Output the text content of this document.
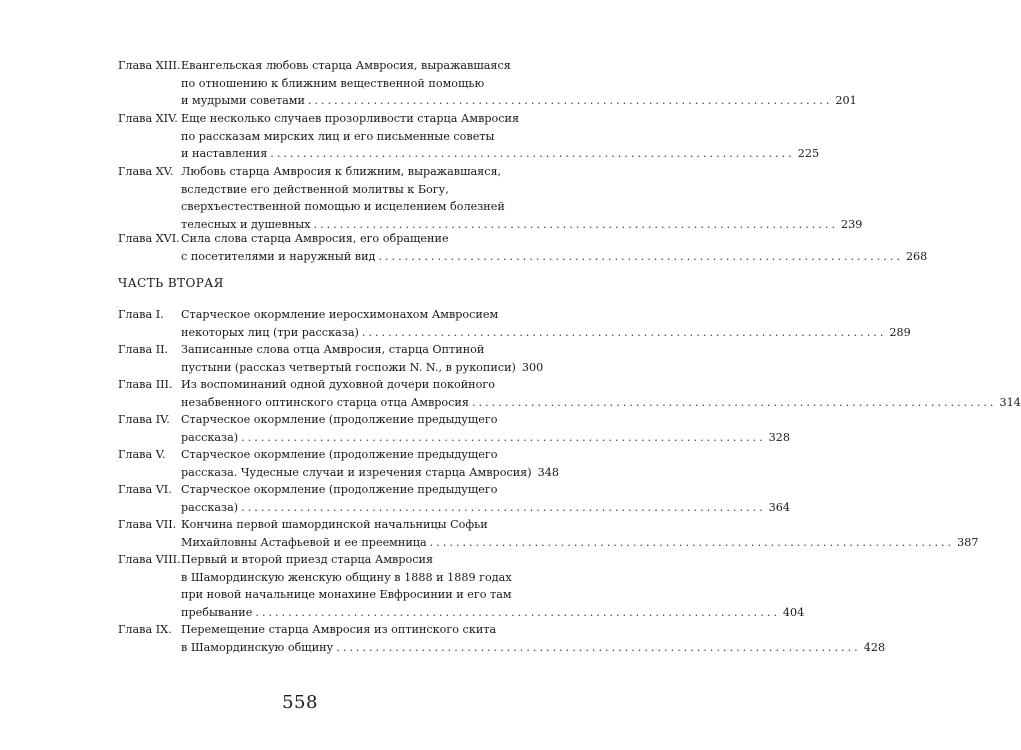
Глава XIII. Евангельская любовь старца Амвросия, выражавшаяся
по отношению к ближним вещественной помощью
и мудрыми советами ................................................................................ 201
Глава XIV. Еще несколько случаев прозорливости старца Амвросия
по рассказам мирских лиц и его письменные советы
и наставления ................................................................................ 225
Глава XV. Любовь старца Амвросия к ближним, выражавшаяся,
вследствие его действенной молитвы к Богу,
сверхъестественной помощью и исцелением болезней
телесных и душевных ................................................................................ 239
Глава XVI. Сила слова старца Амвросия, его обращение
с посетителями и наружный вид ................................................................................ 268
ЧАСТЬ ВТОРАЯ
Глава I. Старческое окормление иеросхимонахом Амвросием
некоторых лиц (три рассказа) ................................................................................ 289
Глава II. Записанные слова отца Амвросия, старца Оптиной
пустыни (рассказ четвертый госпожи N. N., в рукописи) 300
Глава III. Из воспоминаний одной духовной дочери покойного
незабвенного оптинского старца отца Амвросия ................................................................................ 314
Глава IV. Старческое окормление (продолжение предыдущего
рассказа) ................................................................................ 328
Глава V. Старческое окормление (продолжение предыдущего
рассказа. Чудесные случаи и изречения старца Амвросия) 348
Глава VI. Старческое окормление (продолжение предыдущего
рассказа) ................................................................................ 364
Глава VII. Кончина первой шамординской начальницы Софьи
Михайловны Астафьевой и ее преемница ................................................................................ 387
Глава VIII. Первый и второй приезд старца Амвросия
в Шамординскую женскую общину в 1888 и 1889 годах
при новой начальнице монахине Евфросинии и его там
пребывание ................................................................................ 404
Глава IX. Перемещение старца Амвросия из оптинского скита
в Шамординскую общину ................................................................................ 428
558
